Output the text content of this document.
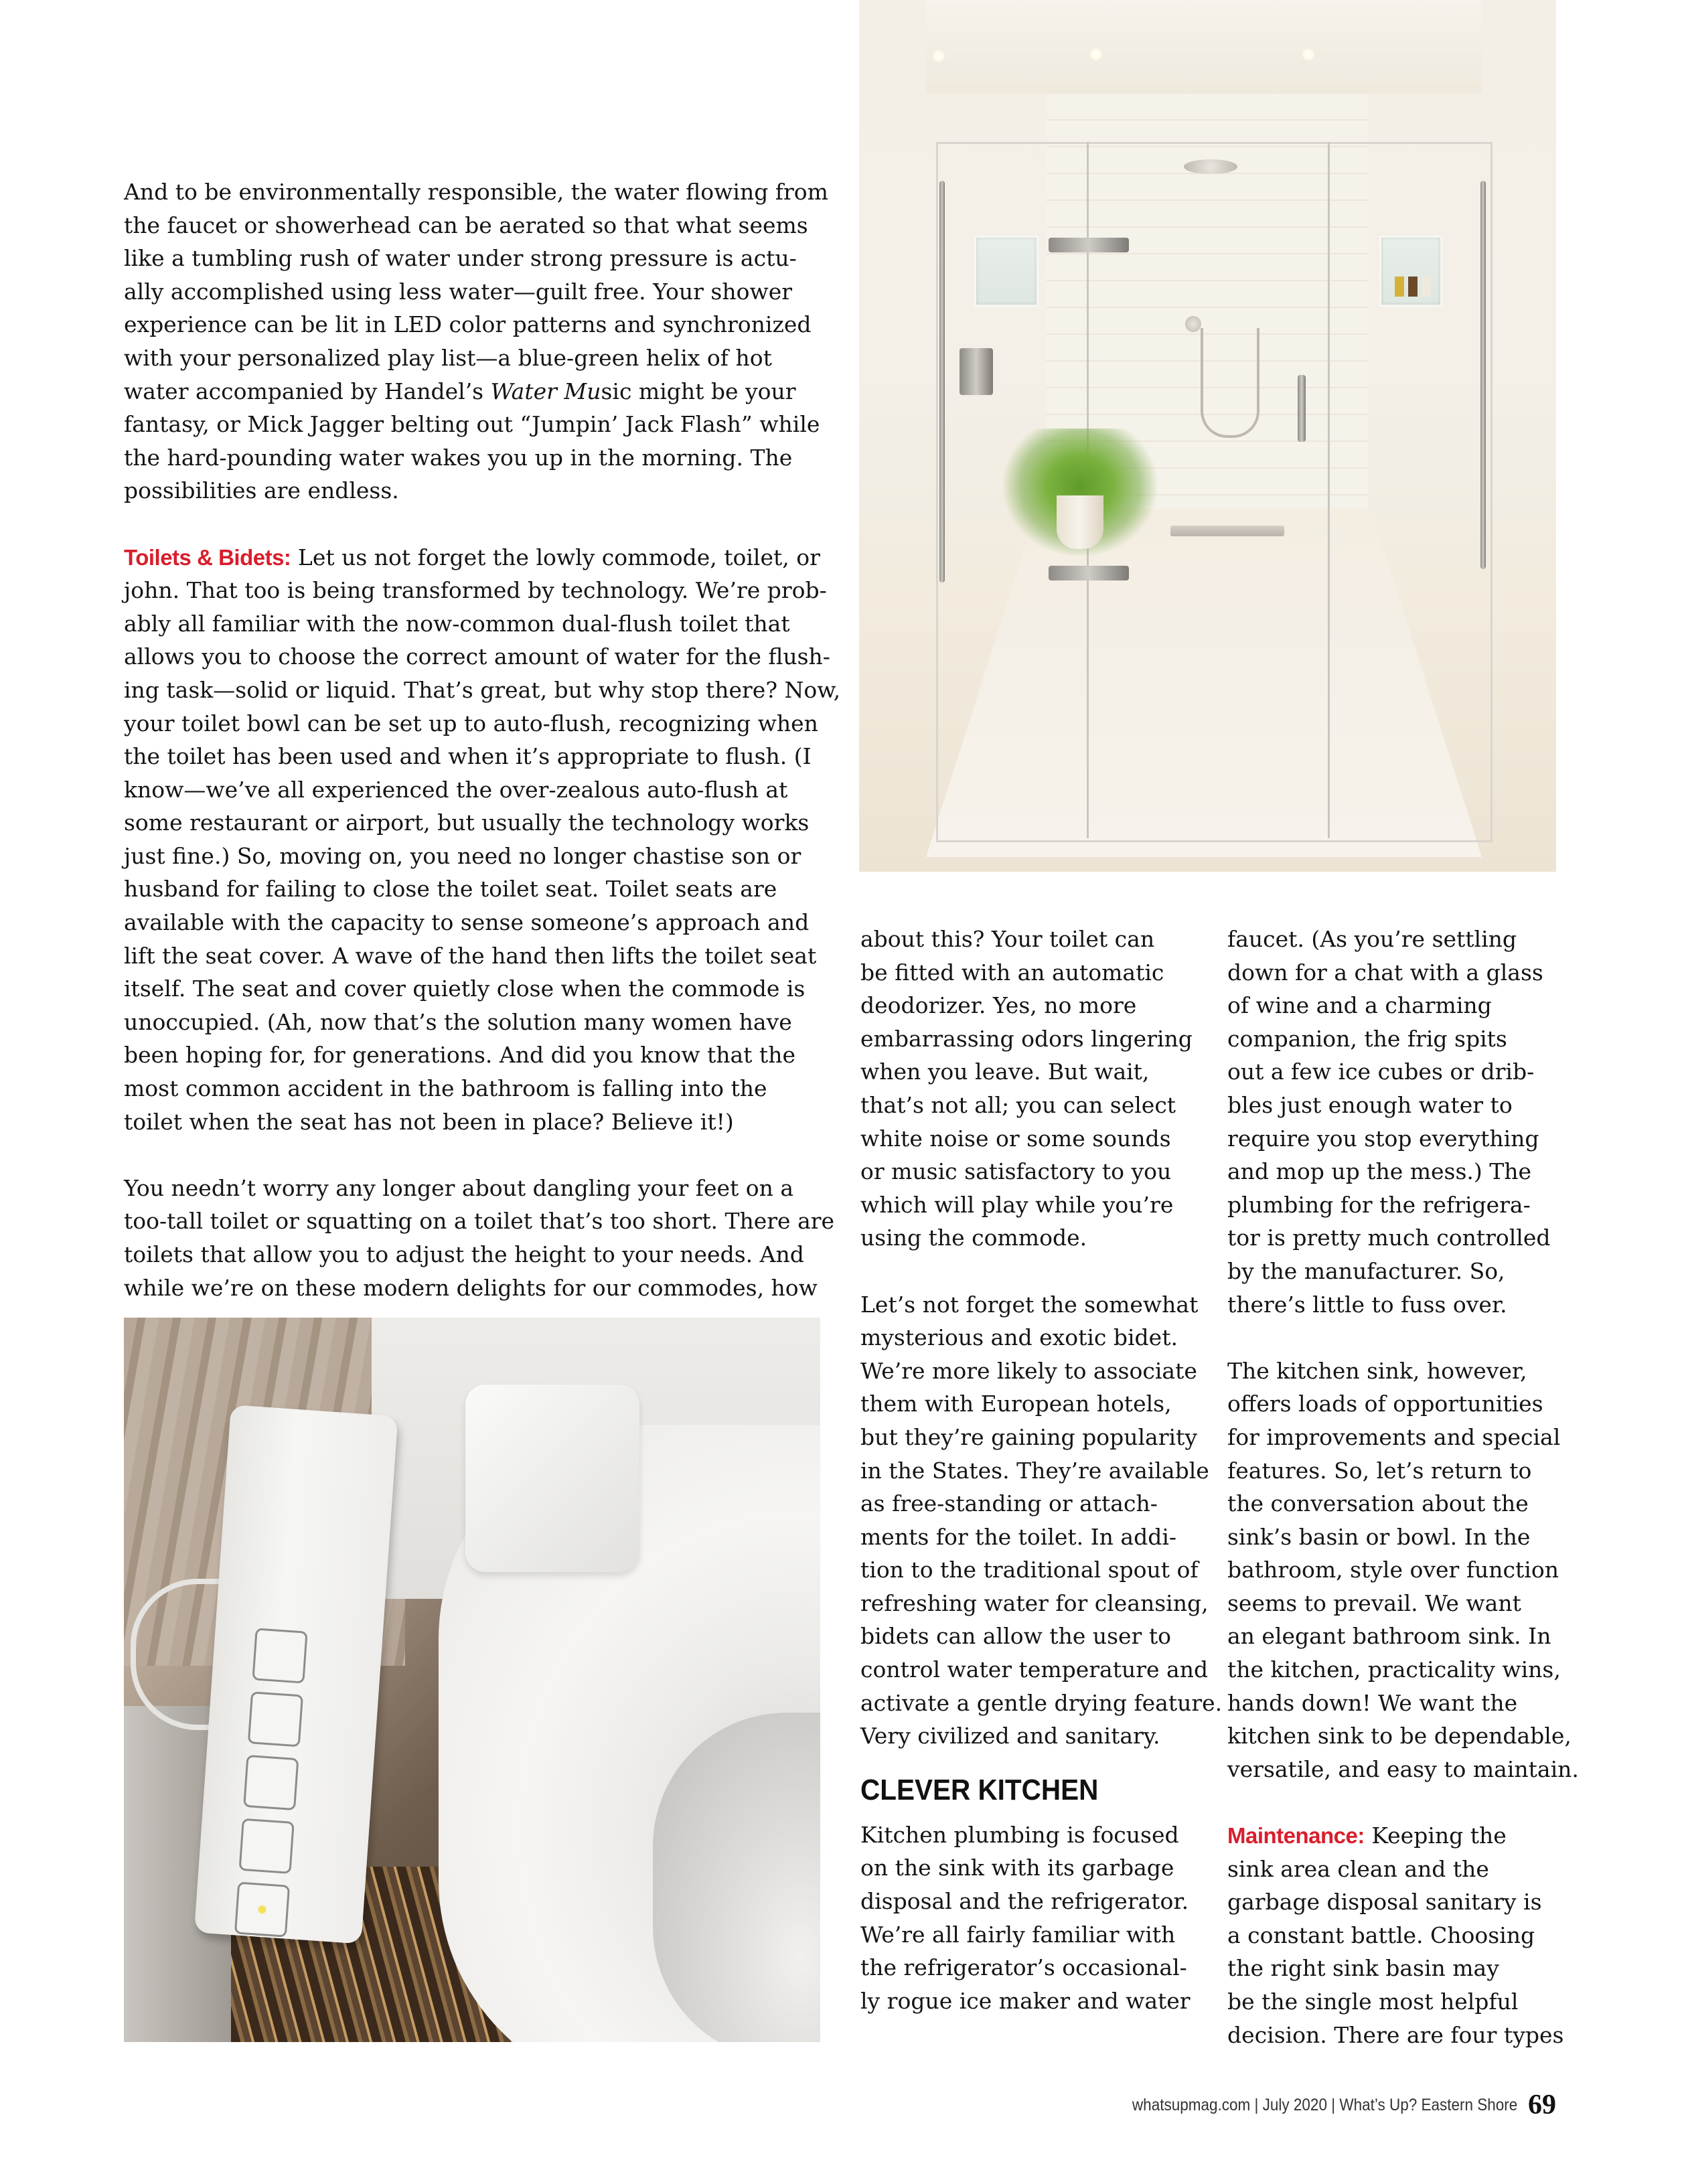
And to be environmentally responsible, the water flowing from

the faucet or showerhead can be aerated so that what seems

like a tumbling rush of water under strong pressure is actu-

ally accomplished using less water—guilt free. Your shower

experience can be lit in LED color patterns and synchronized

with your personalized play list—a blue-green helix of hot

water accompanied by Handel’s Water Music might be your

fantasy, or Mick Jagger belting out “Jumpin’ Jack Flash” while

the hard-pounding water wakes you up in the morning. The

possibilities are endless.

Toilets & Bidets: Let us not forget the lowly commode, toilet, or

john. That too is being transformed by technology. We’re prob-

ably all familiar with the now-common dual-flush toilet that

allows you to choose the correct amount of water for the flush-

ing task—solid or liquid. That’s great, but why stop there? Now,

your toilet bowl can be set up to auto-flush, recognizing when

the toilet has been used and when it’s appropriate to flush. (I

know—we’ve all experienced the over-zealous auto-flush at

some restaurant or airport, but usually the technology works

just fine.) So, moving on, you need no longer chastise son or

husband for failing to close the toilet seat. Toilet seats are

available with the capacity to sense someone’s approach and

lift the seat cover. A wave of the hand then lifts the toilet seat

itself. The seat and cover quietly close when the commode is

unoccupied. (Ah, now that’s the solution many women have

been hoping for, for generations. And did you know that the

most common accident in the bathroom is falling into the

toilet when the seat has not been in place? Believe it!)

You needn’t worry any longer about dangling your feet on a

too-tall toilet or squatting on a toilet that’s too short. There are

toilets that allow you to adjust the height to your needs. And

while we’re on these modern delights for our commodes, how

about this? Your toilet can

be fitted with an automatic

deodorizer. Yes, no more

embarrassing odors lingering

when you leave. But wait,

that’s not all; you can select

white noise or some sounds

or music satisfactory to you

which will play while you’re

using the commode.

Let’s not forget the somewhat

mysterious and exotic bidet.

We’re more likely to associate

them with European hotels,

but they’re gaining popularity

in the States. They’re available

as free-standing or attach-

ments for the toilet. In addi-

tion to the traditional spout of

refreshing water for cleansing,

bidets can allow the user to

control water temperature and

activate a gentle drying feature.

Very civilized and sanitary.

CLEVER KITCHEN

Kitchen plumbing is focused

on the sink with its garbage

disposal and the refrigerator.

We’re all fairly familiar with

the refrigerator’s occasional-

ly rogue ice maker and water

faucet. (As you’re settling

down for a chat with a glass

of wine and a charming

companion, the frig spits

out a few ice cubes or drib-

bles just enough water to

require you stop everything

and mop up the mess.) The

plumbing for the refrigera-

tor is pretty much controlled

by the manufacturer. So,

there’s little to fuss over.

The kitchen sink, however,

offers loads of opportunities

for improvements and special

features. So, let’s return to

the conversation about the

sink’s basin or bowl. In the

bathroom, style over function

seems to prevail. We want

an elegant bathroom sink. In

the kitchen, practicality wins,

hands down! We want the

kitchen sink to be dependable,

versatile, and easy to maintain.

Maintenance: Keeping the

sink area clean and the

garbage disposal sanitary is

a constant battle. Choosing

the right sink basin may

be the single most helpful

decision. There are four types

whatsupmag.com | July 2020 | What’s Up? Eastern Shore 69
